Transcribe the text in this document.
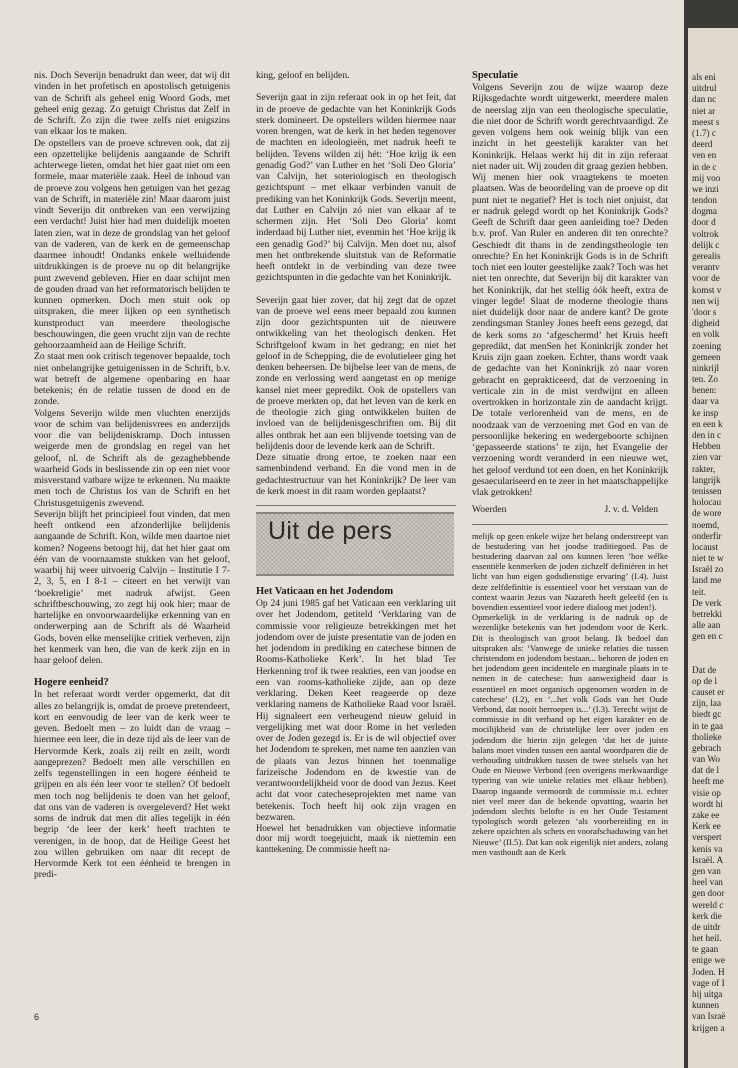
nis. Doch Severijn benadrukt dan weer, dat wij dit vinden in het profetisch en apostolisch getuigenis van de Schrift als geheel enig Woord Gods, met geheel enig gezag. Zo getuigt Christus dat Zelf in de Schrift. Zo zijn die twee zelfs niet enigszins van elkaar los te maken.

De opstellers van de proeve schreven ook, dat zij een opzettelijke belijdenis aangaande de Schrift achterwege lieten, omdat het hier gaat niet om een formele, maar materiële zaak. Heel de inhoud van de proeve zou volgens hen getuigen van het gezag van de Schrift, in materiële zin! Maar daarom juist vindt Severijn dit ontbreken van een verwijzing een verdacht! Juist hier had men duidelijk moeten laten zien, wat in deze de grondslag van het geloof van de vaderen, van de kerk en de gemeenschap daarmee inhoudt! Ondanks enkele welluidende uitdrukkingen is de proeve nu op dit belangrijke punt zwevend gebleven. Hier en daar schijnt men de gouden draad van het reformatorisch belijden te kunnen opmerken. Doch men stuit ook op uitspraken, die meer lijken op een synthetisch kunstproduct van meerdere theologische beschouwingen, die geen vrucht zijn van de rechte gehoorzaamheid aan de Heilige Schrift.

Zo staat men ook critisch tegenover bepaalde, toch niet onbelangrijke getuigenissen in de Schrift, b.v. wat betreft de algemene openbaring en haar betekenis; én de relatie tussen de dood en de zonde.

Volgens Severijn wilde men vluchten enerzijds voor de schim van belijdenisvrees en anderzijds voor die van belijdeniskramp. Doch intussen weigerde men de grondslag en regel van het geloof, nl. de Schrift als de gezaghebbende waarheid Gods in beslissende zin op een niet voor misverstand vatbare wijze te erkennen. Nu maakte men toch de Christus los van de Schrift en het Christusgetuigenis zwevend.

Severijn blijft het principieel fout vinden, dat men heeft ontkend een afzonderlijke belijdenis aangaande de Schrift. Kon, wilde men daartoe niet komen? Nogeens betoogt hij, dat het hier gaat om één van de voornaamste stukken van het geloof, waarbij hij weer uitvoerig Calvijn – Institutie I 7-2, 3, 5, en I 8-1 – citeert en het verwijt van ‘boekreligie’ met nadruk afwijst. Geen schriftbeschouwing, zo zegt hij ook hier; maar de hartelijke en onvoorwaardelijke erkenning van en onderwerping aan de Schrift als dé Waarheid Gods, boven elke menselijke critiek verheven, zijn het kenmerk van hen, die van de kerk zijn en in haar geloof delen.

Hogere eenheid?

In het referaat wordt verder opgemerkt, dat dit alles zo belangrijk is, omdat de proeve pretendeert, kort en eenvoudig de leer van de kerk weer te geven. Bedoelt men – zo luidt dan de vraag – hiermee een leer, die in deze tijd als de leer van de Hervormde Kerk, zoals zij reilt en zeilt, wordt aangeprezen? Bedoelt men alle verschillen en zelfs tegenstellingen in een hogere éénheid te grijpen en als één leer voor te stellen? Of bedoelt men toch nog belijdenis te doen van het geloof, dat ons van de vaderen is overgeleverd? Het wekt soms de indruk dat men dit alles tegelijk in één begrip ‘de leer der kerk’ heeft trachten te verenigen, in de hoop, dat de Heilige Geest het zou willen gebruiken om naar dit recept de Hervormde Kerk tot een éénheid te brengen in predi-

king, geloof en belijden.

Severijn gaat in zijn referaat ook in op het feit, dat in de proeve de gedachte van het Koninkrijk Gods sterk domineert. De opstellers wilden hiermee naar voren brengen, wat de kerk in het heden tegenover de machten en ideologieën, met nadruk heeft te belijden. Tevens wilden zij hét: ‘Hoe krijg ik een genadig God?’ van Luther en het ‘Soli Deo Gloria’ van Calvijn, het soteriologisch en theologisch gezichtspunt – met elkaar verbinden vanuit de prediking van het Koninkrijk Gods. Severijn meent, dat Luther en Calvijn zó niet van elkaar af te schermen zijn. Het ‘Soli Deo Gloria’ komt inderdaad bij Luther niet, evenmin het ‘Hoe krijg ik een genadig God?’ bij Calvijn. Men doet nu, alsof men het ontbrekende sluitstuk van de Reformatie heeft ontdekt in de verbinding van deze twee gezichtspunten in die gedachte van het Koninkrijk.

Severijn gaat hier zover, dat hij zegt dat de opzet van de proeve wel eens meer bepaald zou kunnen zijn door gezichtspunten uit de nieuwere ontwikkeling van het theologisch denken. Het Schriftgeloof kwam in het gedrang; en niet het geloof in de Schepping, die de evolutieleer ging het denken beheersen. De bijbelse leer van de mens, de zonde en verlossing werd aangetast en op menige kansel niet meer gepredikt. Ook de opstellers van de proeve merkten op, dat het leven van de kerk en de theologie zich ging ontwikkelen buiten de invloed van de belijdenisgeschriften om. Bij dit alles ontbrak het aan een blijvende toetsing van de belijdenis door de levende kerk aan de Schrift.

Deze situatie drong ertoe, te zoeken naar een samenbindend verband. En die vond men in de gedachtestructuur van het Koninkrijk? De leer van de kerk moest in dit raam worden geplaatst?

Uit de pers
Het Vaticaan en het Jodendom

Op 24 juni 1985 gaf het Vaticaan een verklaring uit over het Jodendom, getiteld ‘Verklaring van de commissie voor religieuze betrekkingen met het jodendom over de juiste presentatie van de joden en het jodendom in prediking en catechese binnen de Rooms-Katholieke Kerk’. In het blad Ter Herkenning trof ik twee reakties, een van joodse en een van rooms-katholieke zijde, aan op deze verklaring. Deken Keet reageerde op deze verklaring namens de Katholieke Raad voor Israël. Hij signaleert een verheugend nieuw geluid in vergelijking met wat door Rome in het verleden over de Joden gezegd is. Er is de wil objectief over het Jodendom te spreken, met name ten aanzien van de plaats van Jezus binnen het toenmalige farizeïsche Jodendom en de kwestie van de verantwoordelijkheid voor de dood van Jezus. Keet acht dat voor catecheseprojekten met name van betekenis. Toch heeft hij ook zijn vragen en bezwaren.

Hoewel het benadrukken van objectieve informatie door mij wordt toegejuicht, maak ik niettemin een kanttekening. De commissie heeft na-

Speculatie

Volgens Severijn zou de wijze waarop deze Rijksgedachte wordt uitgewerkt, meerdere malen de neerslag zijn van een theologische speculatie, die niet door de Schrift wordt gerechtvaardigd. Ze geven volgens hem ook weinig blijk van een inzicht in het geestelijk karakter van het Koninkrijk. Helaas werkt hij dit in zijn referaat niet nader uit. Wij zouden dit graag gezien hebben. Wij menen hier ook vraagtekens te moeten plaatsen. Was de beoordeling van de proeve op dit punt niet te negatief? Het is toch niet onjuist, dat er nadruk gelegd wordt op het Koninkrijk Gods? Geeft de Schrift daar geen aanleiding toe? Deden b.v. prof. Van Ruler en anderen dit ten onrechte? Geschiedt dit thans in de zendingstheologie ten onrechte? En het Koninkrijk Gods is in de Schrift toch niet een louter geestelijke zaak? Toch was het niet ten onrechte, dat Severijn bij dit karakter van het Koninkrijk, dat het stellig óók heeft, extra de vinger legde! Slaat de moderne theologie thans niet duidelijk door naar de andere kant? De grote zendingsman Stanley Jones heeft eens gezegd, dat de kerk soms zo ‘afgeschermd’ het Kruis heeft gepredikt, dat menSen het Koninkrijk zonder het Kruis zijn gaan zoeken. Echter, thans wordt vaak de gedachte van het Koninkrijk zó naar voren gebracht en geprakticeerd, dat de verzoening in verticale zin in de mist verdwijnt en alleen overtrokken in horizontale zin de aandacht krijgt. De totale verlorenheid van de mens, en de noodzaak van de verzoening met God en van de persoonlijke bekering en wedergeboorte schijnen ‘gepasseerde stations’ te zijn, het Evangelie der verzoening wordt veranderd in een nieuwe wet, het geloof verdund tot een doen, en het Koninkrijk gesaeculariseerd en te zeer in het maatschappelijke vlak getrokken!

Woerden	J. v. d. Velden

melijk op geen enkele wijze het belang onderstreept van de bestudering van het joodse traditiegoed. Pas de bestudering daarvan zal ons kunnen leren ‘hoe wélke essentiële kenmerken de joden zichzelf definiëren in het licht van hun eigen godsdienstige ervaring’ (I.4). Juist deze zelfdefinitie is essentieel voor het verstaan van de context waarin Jezus van Nazareth heeft geleefd (en is bovendien essentieel voor iedere dialoog met joden!).

Opmerkelijk in de verklaring is de nadruk op de wezenlijke betekenis van het jodendom voor de Kerk. Dit is theologisch van groot belang. Ik bedoel dan uitspraken als: ‘Vanwege de unieke relaties die tussen christendom en jodendom bestaan... behoren de joden en het jodendom geen incidentele en marginale plaats in te nemen in de catechese: hun aanwezigheid daar is essentieel en moet organisch opgenomen worden in de catechese’ (I.2), en ‘...het volk Gods van het Oude Verbond, dat nooit herroepen is...’ (I.3). Terecht wijst de commissie in dit verband op het eigen karakter en de mocilijkheid van de christelijke leer over joden en jodendom die hierin zijn gelegen ‘dat het de juiste balans moet vinden tussen een aantal woordparen die de verhouding uitdrukken tussen de twee stelsels van het Oude en Nieuwe Verbond (een overigens merkwaardige typering van wie unieke relaties met elkaar hebben). Daarop ingaande vermoordt de commissie m.i. echter niet veel meer dan de bekende opvatting, waarin het jodendom slechts belofte is en het Oude Testament typologisch wordt gelezen ‘als voorbereiding en in zekere opzichten als schets en voorafschaduwing van het Nieuwe’ (II.5). Dat kan ook eigenlijk niet anders, zolang men vasthoudt aan de Kerk

6
als eni
uitdrul
dan nc
niet ar
meest s
(1.7) c
deerd
ven en
in de c
mij voo
we inzi
tendon
dogma
door d
voltrok
delijk c
gerealis
verantv
voor de
komst v
nen wij
'door s
digheid
en volk
zoening
gemeen
ninkrijl
ten. Zo
benen:
daar va
ke insp
en een k
den in c
Hebben
zien var
rakter,
langrijk
tenissen
holocau
de wore
noemd,
onderfir
locaust
niet te w
Israël zo
land me
teit.
De verk
betrekki
alle aan
gen en c
Dat de
op de l
causet er
zijn, laa
biedt gc
in te gaa
tholieke
gebrach
van Wo
dat de l
heeft me
visie op
wordt hi
zake ee
Kerk ee
verspert
kenis va
Israël. A
gen van
heel van
gen door
wereld c
kerk die
de uitdr
het heil.
te gaan
enige we
Joden. H
vage of I
hij uitga
kunnen
van Israë
krijgen a
